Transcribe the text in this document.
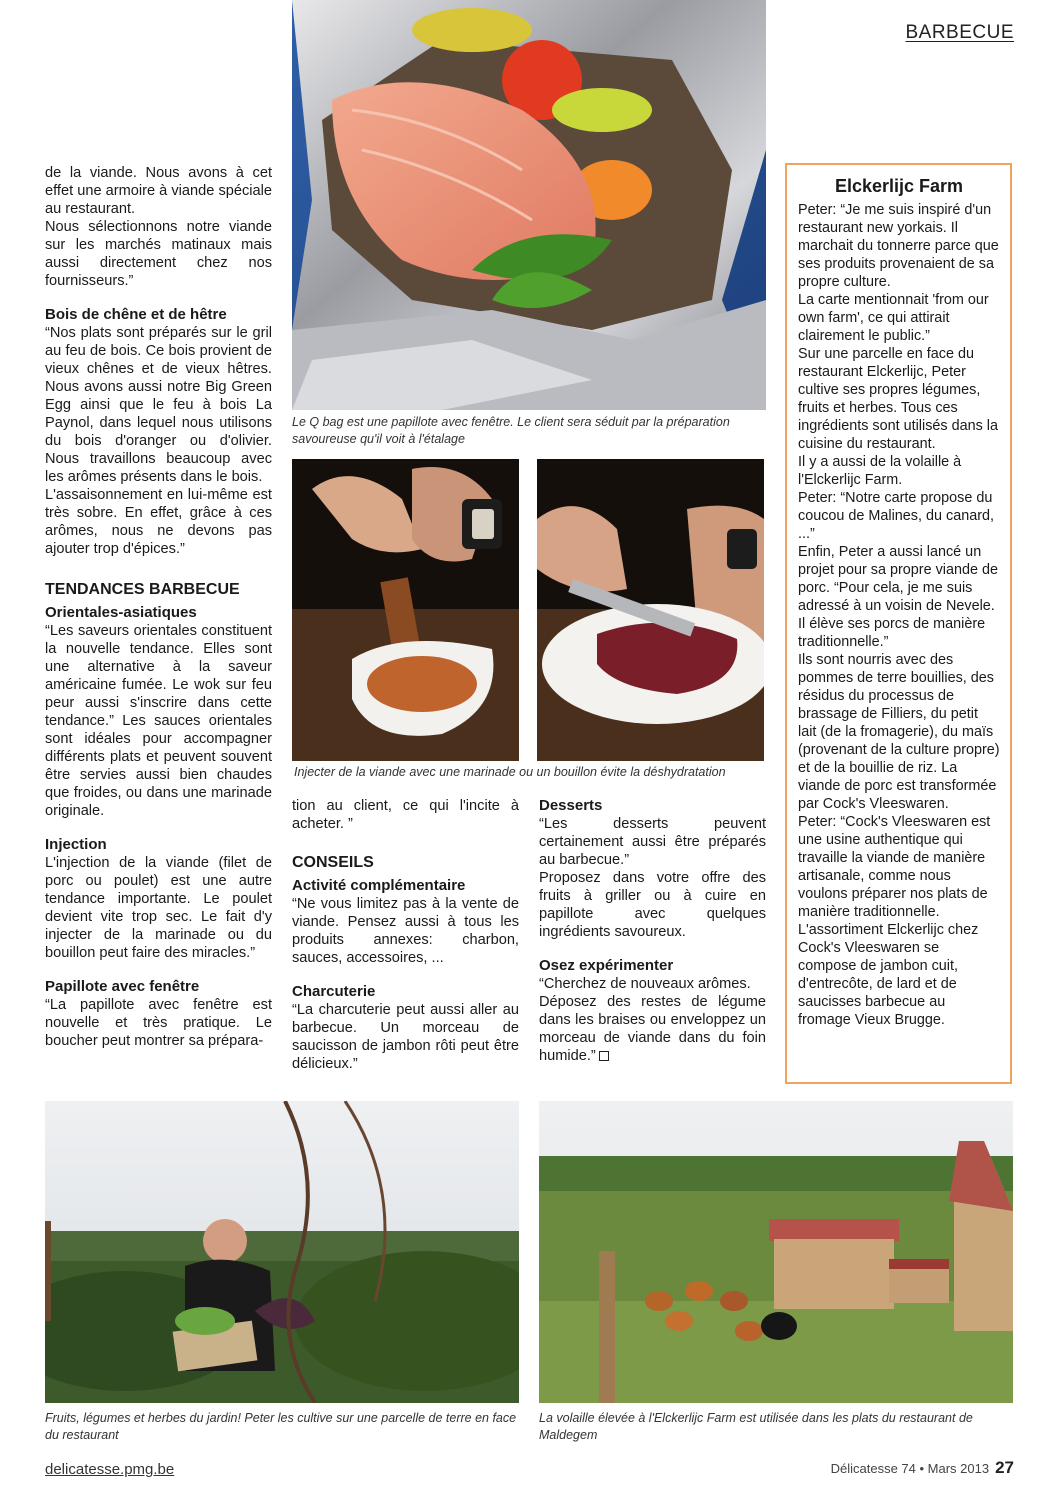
BARBECUE

de la viande. Nous avons à cet effet une armoire à viande spéciale au restaurant.

Nous sélectionnons notre viande sur les marchés matinaux mais aussi directement chez nos fournisseurs.”

Bois de chêne et de hêtre

“Nos plats sont préparés sur le gril au feu de bois. Ce bois provient de vieux chênes et de vieux hêtres. Nous avons aussi notre Big Green Egg ainsi que le feu à bois La Paynol, dans lequel nous utilisons du bois d'oranger ou d'olivier. Nous travaillons beaucoup avec les arômes présents dans le bois.

L'assaisonnement en lui-même est très sobre. En effet, grâce à ces arômes, nous ne devons pas ajouter trop d'épices.”

TENDANCES BARBECUE
Orientales-asiatiques

“Les saveurs orientales constituent la nouvelle tendance. Elles sont une alternative à la saveur américaine fumée. Le wok sur feu peur aussi s'inscrire dans cette tendance.” Les sauces orientales sont idéales pour accompagner différents plats et peuvent souvent être servies aussi bien chaudes que froides, ou dans une marinade originale.

Injection

L'injection de la viande (filet de porc ou poulet) est une autre tendance importante. Le poulet devient vite trop sec. Le fait d'y injecter de la marinade ou du bouillon peut faire des miracles.”

Papillote avec fenêtre

“La papillote avec fenêtre est nouvelle et très pratique. Le boucher peut montrer sa prépara-

Le Q bag est une papillote avec fenêtre. Le client sera séduit par la préparation savoureuse qu'il voit à l'étalage
Injecter de la viande avec une marinade ou un bouillon évite la déshydratation

tion au client, ce qui l'incite à acheter. ”

CONSEILS
Activité complémentaire

“Ne vous limitez pas à la vente de viande. Pensez aussi à tous les produits annexes: charbon, sauces, accessoires, ...

Charcuterie

“La charcuterie peut aussi aller au barbecue. Un morceau de saucisson de jambon rôti peut être délicieux.”

Desserts

“Les desserts peuvent certainement aussi être préparés au barbecue.”

Proposez dans votre offre des fruits à griller ou à cuire en papillote avec quelques ingrédients savoureux.

Osez expérimenter

“Cherchez de nouveaux arômes.

Déposez des restes de légume dans les braises ou enveloppez un morceau de viande dans du foin humide.”

Elckerlijc Farm

Peter: “Je me suis inspiré d'un restaurant new yorkais. Il marchait du tonnerre parce que ses produits provenaient de sa propre culture.

La carte mentionnait 'from our own farm', ce qui attirait clairement le public.”

Sur une parcelle en face du restaurant Elckerlijc, Peter cultive ses propres légumes, fruits et herbes. Tous ces ingrédients sont utilisés dans la cuisine du restaurant.

Il y a aussi de la volaille à l'Elckerlijc Farm.

Peter: “Notre carte propose du coucou de Malines, du canard, ...”

Enfin, Peter a aussi lancé un projet pour sa propre viande de porc. “Pour cela, je me suis adressé à un voisin de Nevele. Il élève ses porcs de manière traditionnelle.”

Ils sont nourris avec des pommes de terre bouillies, des résidus du processus de brassage de Filliers, du petit lait (de la fromagerie), du maïs (provenant de la culture propre) et de la bouillie de riz. La viande de porc est transformée par Cock's Vleeswaren.

Peter: “Cock's Vleeswaren est une usine authentique qui travaille la viande de manière artisanale, comme nous voulons préparer nos plats de manière traditionnelle. L'assortiment Elckerlijc chez Cock's Vleeswaren se compose de jambon cuit, d'entrecôte, de lard et de saucisses barbecue au fromage Vieux Brugge.

Fruits, légumes et herbes du jardin! Peter les cultive sur une parcelle de terre en face du restaurant
La volaille élevée à l'Elckerlijc Farm est utilisée dans les plats du restaurant de Maldegem
delicatesse.pmg.be	Délicatesse 74 • Mars 2013 27
